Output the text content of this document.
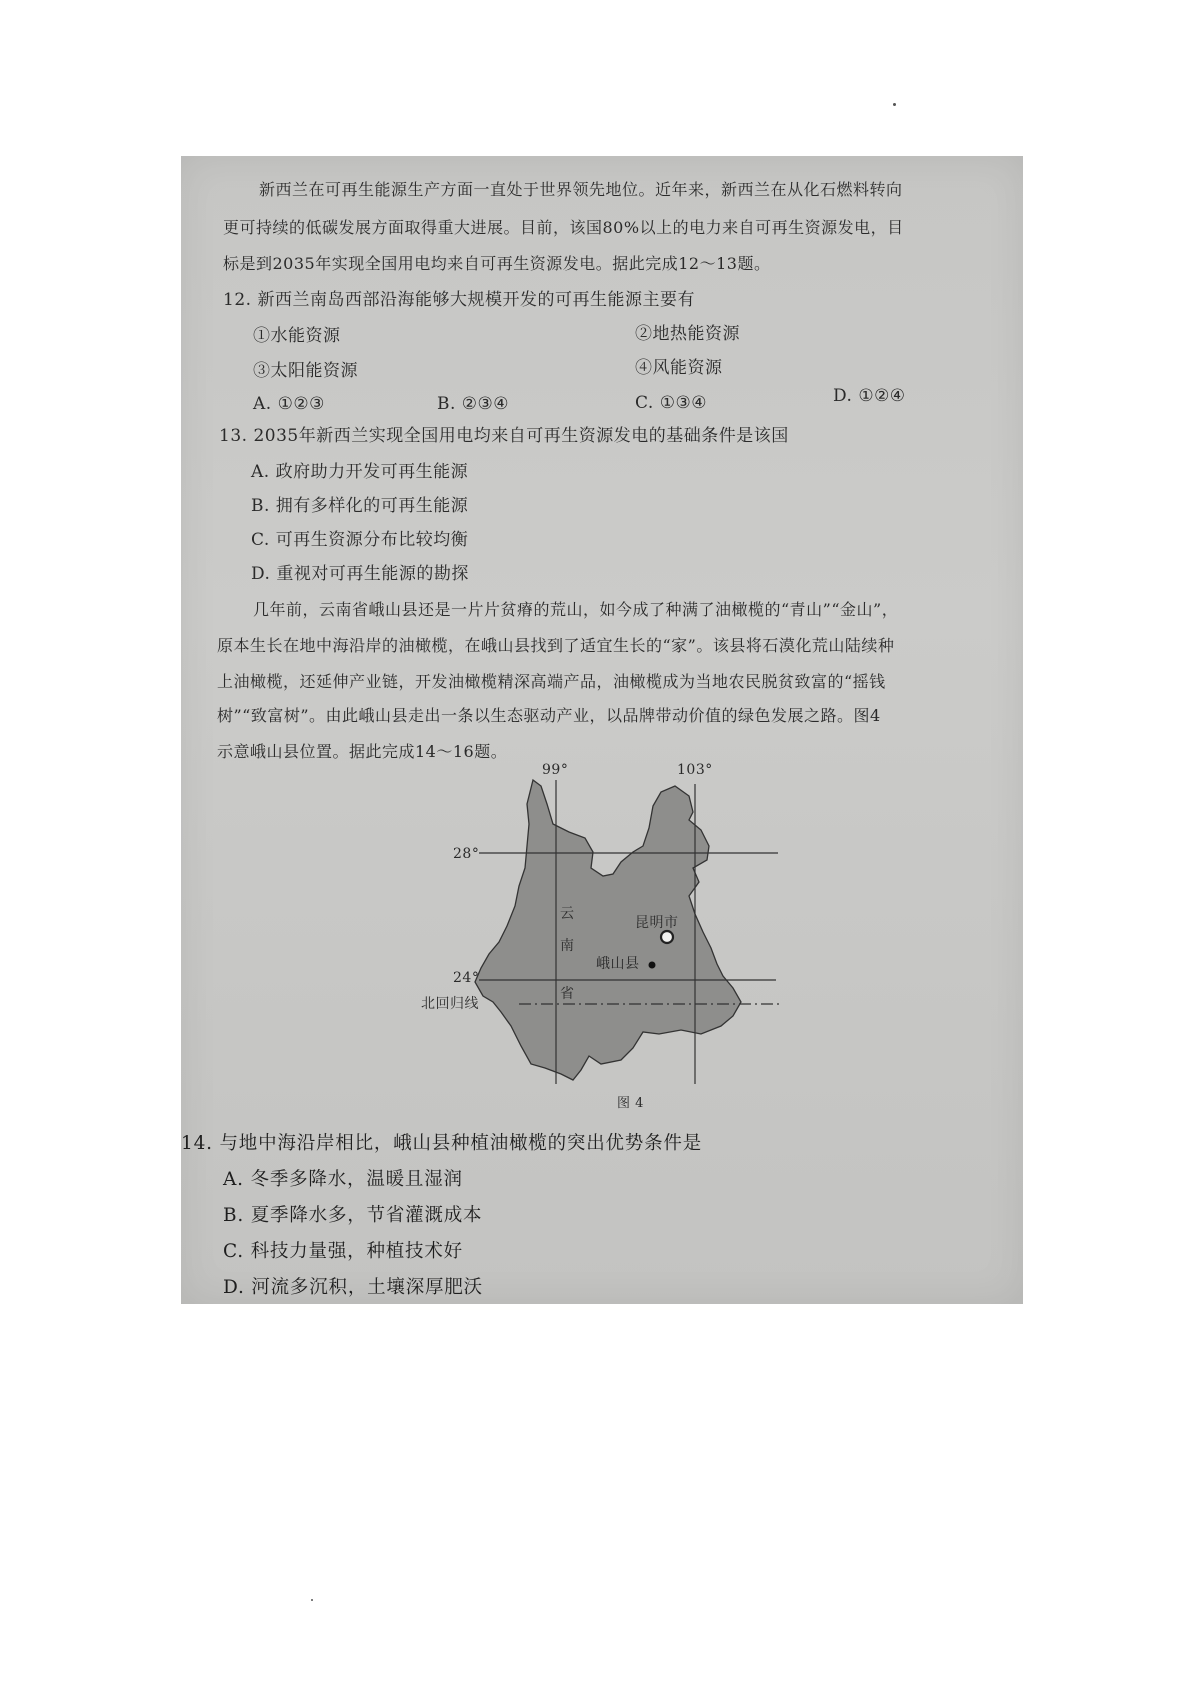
新西兰在可再生能源生产方面一直处于世界领先地位。近年来，新西兰在从化石燃料转向
更可持续的低碳发展方面取得重大进展。目前，该国80%以上的电力来自可再生资源发电，目
标是到2035年实现全国用电均来自可再生资源发电。据此完成12～13题。
12. 新西兰南岛西部沿海能够大规模开发的可再生能源主要有
①水能资源	②地热能资源
③太阳能资源	④风能资源
A. ①②③	B. ②③④	C. ①③④	D. ①②④
13. 2035年新西兰实现全国用电均来自可再生资源发电的基础条件是该国
A. 政府助力开发可再生能源
B. 拥有多样化的可再生能源
C. 可再生资源分布比较均衡
D. 重视对可再生能源的勘探
几年前，云南省峨山县还是一片片贫瘠的荒山，如今成了种满了油橄榄的“青山”“金山”，
原本生长在地中海沿岸的油橄榄，在峨山县找到了适宜生长的“家”。该县将石漠化荒山陆续种
上油橄榄，还延伸产业链，开发油橄榄精深高端产品，油橄榄成为当地农民脱贫致富的“摇钱
树”“致富树”。由此峨山县走出一条以生态驱动产业，以品牌带动价值的绿色发展之路。图4
示意峨山县位置。据此完成14～16题。
99°	103°
28°
24°
北回归线
云
南
省
昆明市
峨山县
图 4
14. 与地中海沿岸相比，峨山县种植油橄榄的突出优势条件是
A. 冬季多降水，温暖且湿润
B. 夏季降水多，节省灌溉成本
C. 科技力量强，种植技术好
D. 河流多沉积，土壤深厚肥沃
